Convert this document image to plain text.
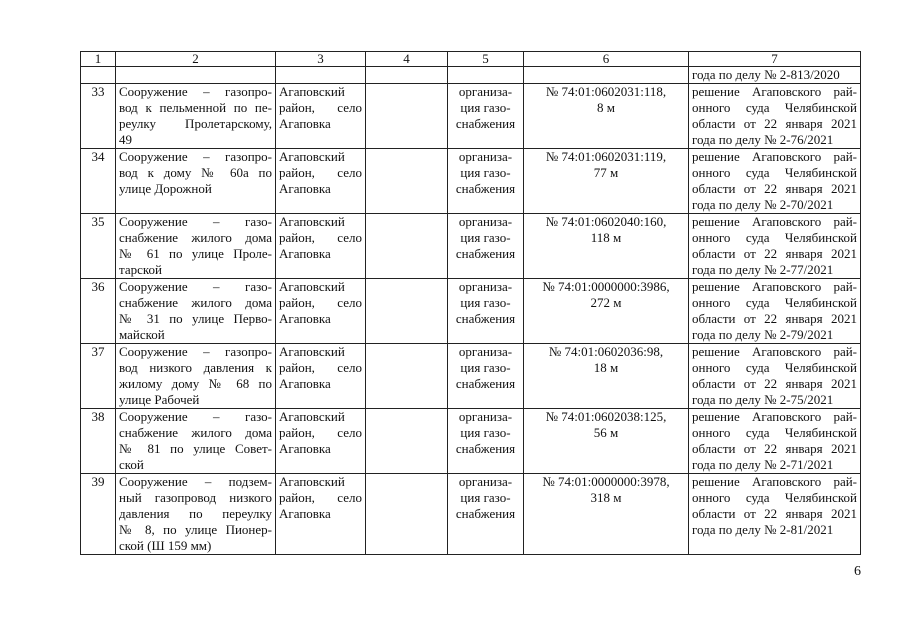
1	2	3	4	5	6	7
						года по делу № 2-813/2020
33	Сооружение – газопро-
вод к пельменной по пе-
реулку Пролетарскому,
49	Агаповский
район, село
Агаповка		организа-
ция газо-
снабжения	№ 74:01:0602031:118,
8 м	решение Агаповского рай-
онного суда Челябинской
области от 22 января 2021
года по делу № 2-76/2021

34	Сооружение – газопро-
вод к дому № 60а по
улице Дорожной	Агаповский
район, село
Агаповка		организа-
ция газо-
снабжения	№ 74:01:0602031:119,
77 м	решение Агаповского рай-
онного суда Челябинской
области от 22 января 2021
года по делу № 2-70/2021

35	Сооружение – газо-
снабжение жилого дома
№ 61 по улице Проле-
тарской	Агаповский
район, село
Агаповка		организа-
ция газо-
снабжения	№ 74:01:0602040:160,
118 м	решение Агаповского рай-
онного суда Челябинской
области от 22 января 2021
года по делу № 2-77/2021

36	Сооружение – газо-
снабжение жилого дома
№ 31 по улице Перво-
майской	Агаповский
район, село
Агаповка		организа-
ция газо-
снабжения	№ 74:01:0000000:3986,
272 м	решение Агаповского рай-
онного суда Челябинской
области от 22 января 2021
года по делу № 2-79/2021

37	Сооружение – газопро-
вод низкого давления к
жилому дому № 68 по
улице Рабочей	Агаповский
район, село
Агаповка		организа-
ция газо-
снабжения	№ 74:01:0602036:98,
18 м	решение Агаповского рай-
онного суда Челябинской
области от 22 января 2021
года по делу № 2-75/2021

38	Сооружение – газо-
снабжение жилого дома
№ 81 по улице Совет-
ской	Агаповский
район, село
Агаповка		организа-
ция газо-
снабжения	№ 74:01:0602038:125,
56 м	решение Агаповского рай-
онного суда Челябинской
области от 22 января 2021
года по делу № 2-71/2021

39	Сооружение – подзем-
ный газопровод низкого
давления по переулку
№ 8, по улице Пионер-
ской (Ш 159 мм)	Агаповский
район, село
Агаповка		организа-
ция газо-
снабжения	№ 74:01:0000000:3978,
318 м	решение Агаповского рай-
онного суда Челябинской
области от 22 января 2021
года по делу № 2-81/2021
6
